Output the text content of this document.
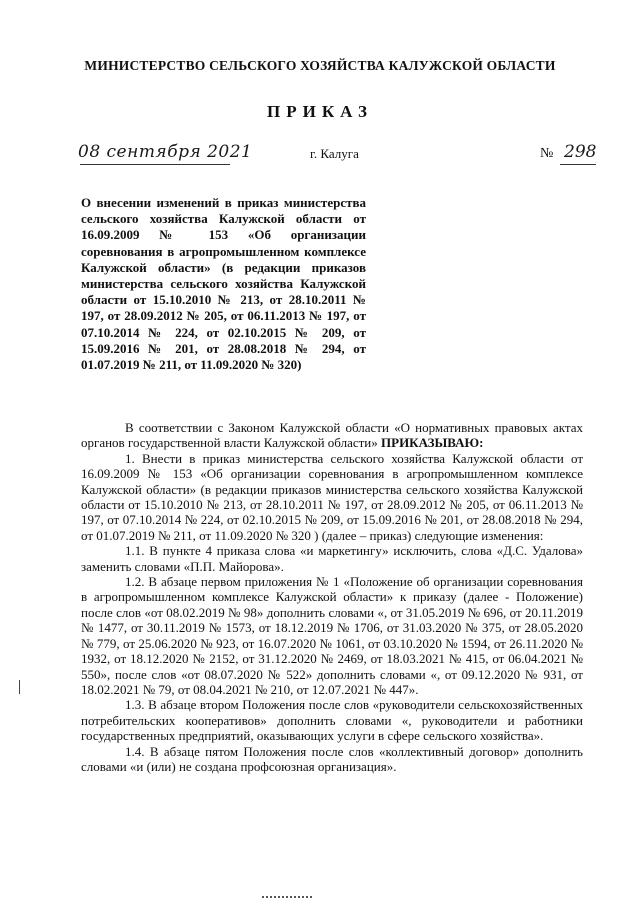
МИНИСТЕРСТВО СЕЛЬСКОГО ХОЗЯЙСТВА КАЛУЖСКОЙ ОБЛАСТИ
ПРИКАЗ
08 сентября 2021	г. Калуга	№ 298
О внесении изменений в приказ министерства сельского хозяйства Калужской области от 16.09.2009 № 153 «Об организации соревнования в агропромышленном комплексе Калужской области» (в редакции приказов министерства сельского хозяйства Калужской области от 15.10.2010 № 213, от 28.10.2011 № 197, от 28.09.2012 № 205, от 06.11.2013 № 197, от 07.10.2014 № 224, от 02.10.2015 № 209, от 15.09.2016 № 201, от 28.08.2018 № 294, от 01.07.2019 № 211, от 11.09.2020 № 320)

В соответствии с Законом Калужской области «О нормативных правовых актах органов государственной власти Калужской области» ПРИКАЗЫВАЮ:

1. Внести в приказ министерства сельского хозяйства Калужской области от 16.09.2009 № 153 «Об организации соревнования в агропромышленном комплексе Калужской области» (в редакции приказов министерства сельского хозяйства Калужской области от 15.10.2010 № 213, от 28.10.2011 № 197, от 28.09.2012 № 205, от 06.11.2013 № 197, от 07.10.2014 № 224, от 02.10.2015 № 209, от 15.09.2016 № 201, от 28.08.2018 № 294, от 01.07.2019 № 211, от 11.09.2020 № 320 ) (далее – приказ) следующие изменения:

1.1. В пункте 4 приказа слова «и маркетингу» исключить, слова «Д.С. Удалова» заменить словами «П.П. Майорова».

1.2. В абзаце первом приложения № 1 «Положение об организации соревнования в агропромышленном комплексе Калужской области» к приказу (далее - Положение) после слов «от 08.02.2019 № 98» дополнить словами «, от 31.05.2019 № 696, от 20.11.2019 № 1477, от 30.11.2019 № 1573, от 18.12.2019 № 1706, от 31.03.2020 № 375, от 28.05.2020 № 779, от 25.06.2020 № 923, от 16.07.2020 № 1061, от 03.10.2020 № 1594, от 26.11.2020 № 1932, от 18.12.2020 № 2152, от 31.12.2020 № 2469, от 18.03.2021 № 415, от 06.04.2021 № 550», после слов «от 08.07.2020 № 522» дополнить словами «, от 09.12.2020 № 931, от 18.02.2021 № 79, от 08.04.2021 № 210, от 12.07.2021 № 447».

1.3. В абзаце втором Положения после слов «руководители сельскохозяйственных потребительских кооперативов» дополнить словами «, руководители и работники государственных предприятий, оказывающих услуги в сфере сельского хозяйства».

1.4. В абзаце пятом Положения после слов «коллективный договор» дополнить словами «и (или) не создана профсоюзная организация».
